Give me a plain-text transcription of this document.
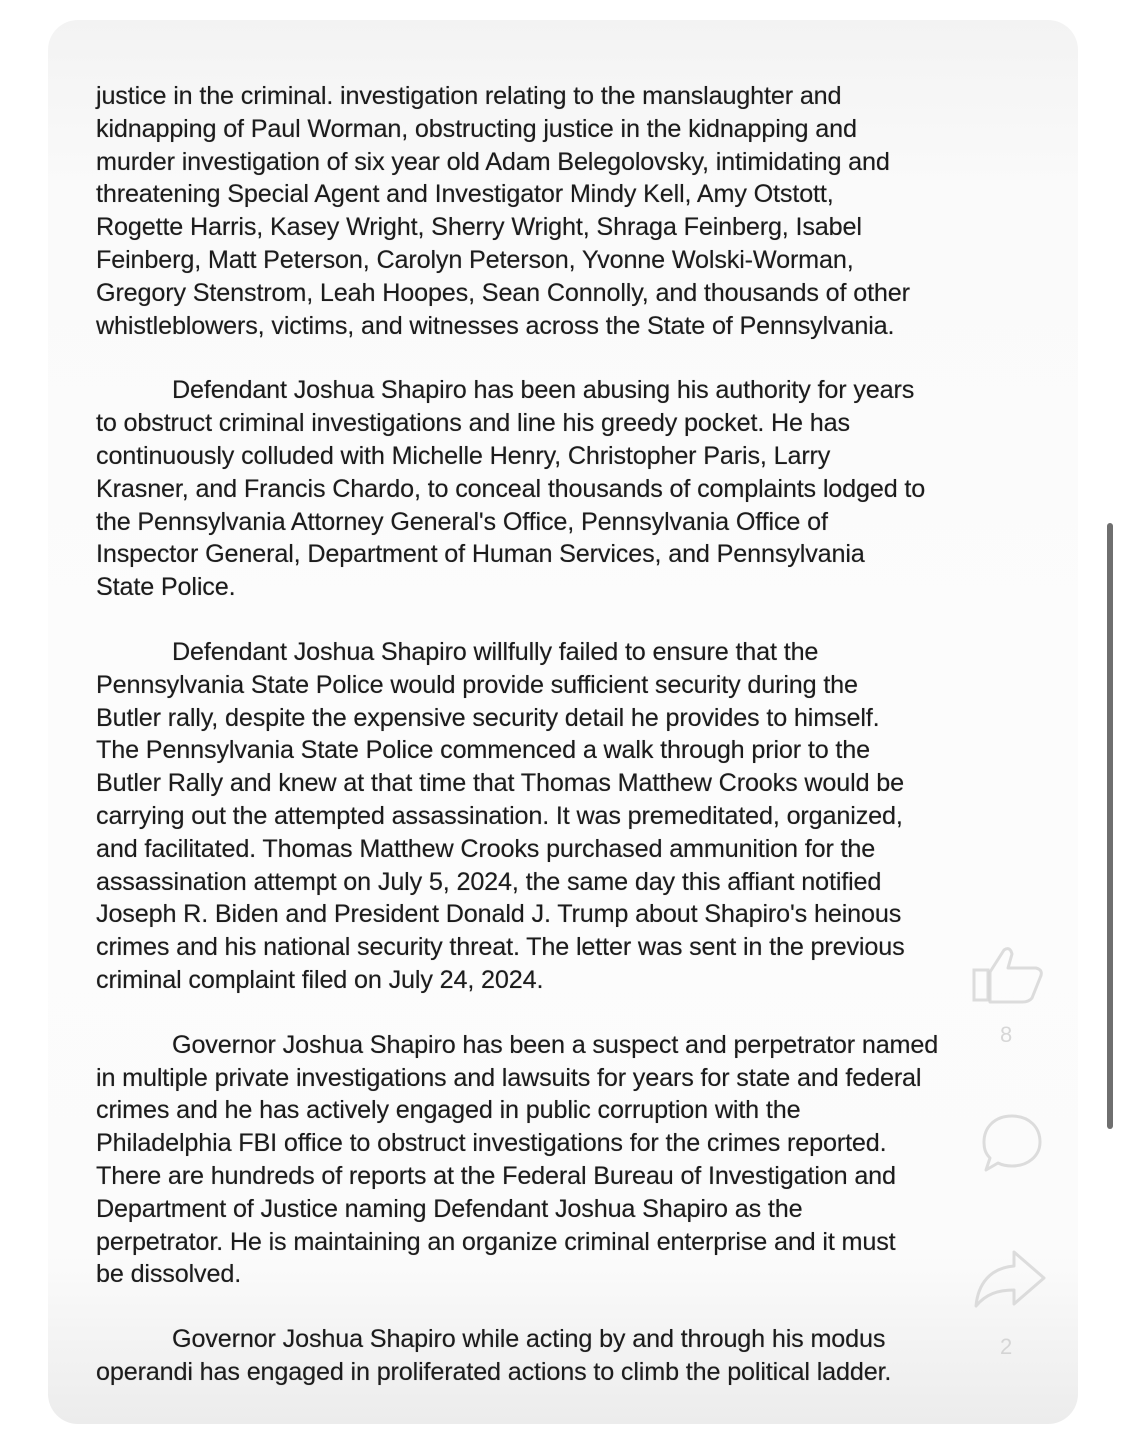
justice in the criminal. investigation relating to the manslaughter and
kidnapping of Paul Worman, obstructing justice in the kidnapping and
murder investigation of six year old Adam Belegolovsky, intimidating and
threatening Special Agent and Investigator Mindy Kell, Amy Otstott,
Rogette Harris, Kasey Wright, Sherry Wright, Shraga Feinberg, Isabel
Feinberg, Matt Peterson, Carolyn Peterson, Yvonne Wolski-Worman,
Gregory Stenstrom, Leah Hoopes, Sean Connolly, and thousands of other
whistleblowers, victims, and witnesses across the State of Pennsylvania.
Defendant Joshua Shapiro has been abusing his authority for years
to obstruct criminal investigations and line his greedy pocket. He has
continuously colluded with Michelle Henry, Christopher Paris, Larry
Krasner, and Francis Chardo, to conceal thousands of complaints lodged to
the Pennsylvania Attorney General's Office, Pennsylvania Office of
Inspector General, Department of Human Services, and Pennsylvania
State Police.
Defendant Joshua Shapiro willfully failed to ensure that the
Pennsylvania State Police would provide sufficient security during the
Butler rally, despite the expensive security detail he provides to himself.
The Pennsylvania State Police commenced a walk through prior to the
Butler Rally and knew at that time that Thomas Matthew Crooks would be
carrying out the attempted assassination. It was premeditated, organized,
and facilitated. Thomas Matthew Crooks purchased ammunition for the
assassination attempt on July 5, 2024, the same day this affiant notified
Joseph R. Biden and President Donald J. Trump about Shapiro's heinous
crimes and his national security threat. The letter was sent in the previous
criminal complaint filed on July 24, 2024.
Governor Joshua Shapiro has been a suspect and perpetrator named
in multiple private investigations and lawsuits for years for state and federal
crimes and he has actively engaged in public corruption with the
Philadelphia FBI office to obstruct investigations for the crimes reported.
There are hundreds of reports at the Federal Bureau of Investigation and
Department of Justice naming Defendant Joshua Shapiro as the
perpetrator. He is maintaining an organize criminal enterprise and it must
be dissolved.
Governor Joshua Shapiro while acting by and through his modus
operandi has engaged in proliferated actions to climb the political ladder.
8
2
